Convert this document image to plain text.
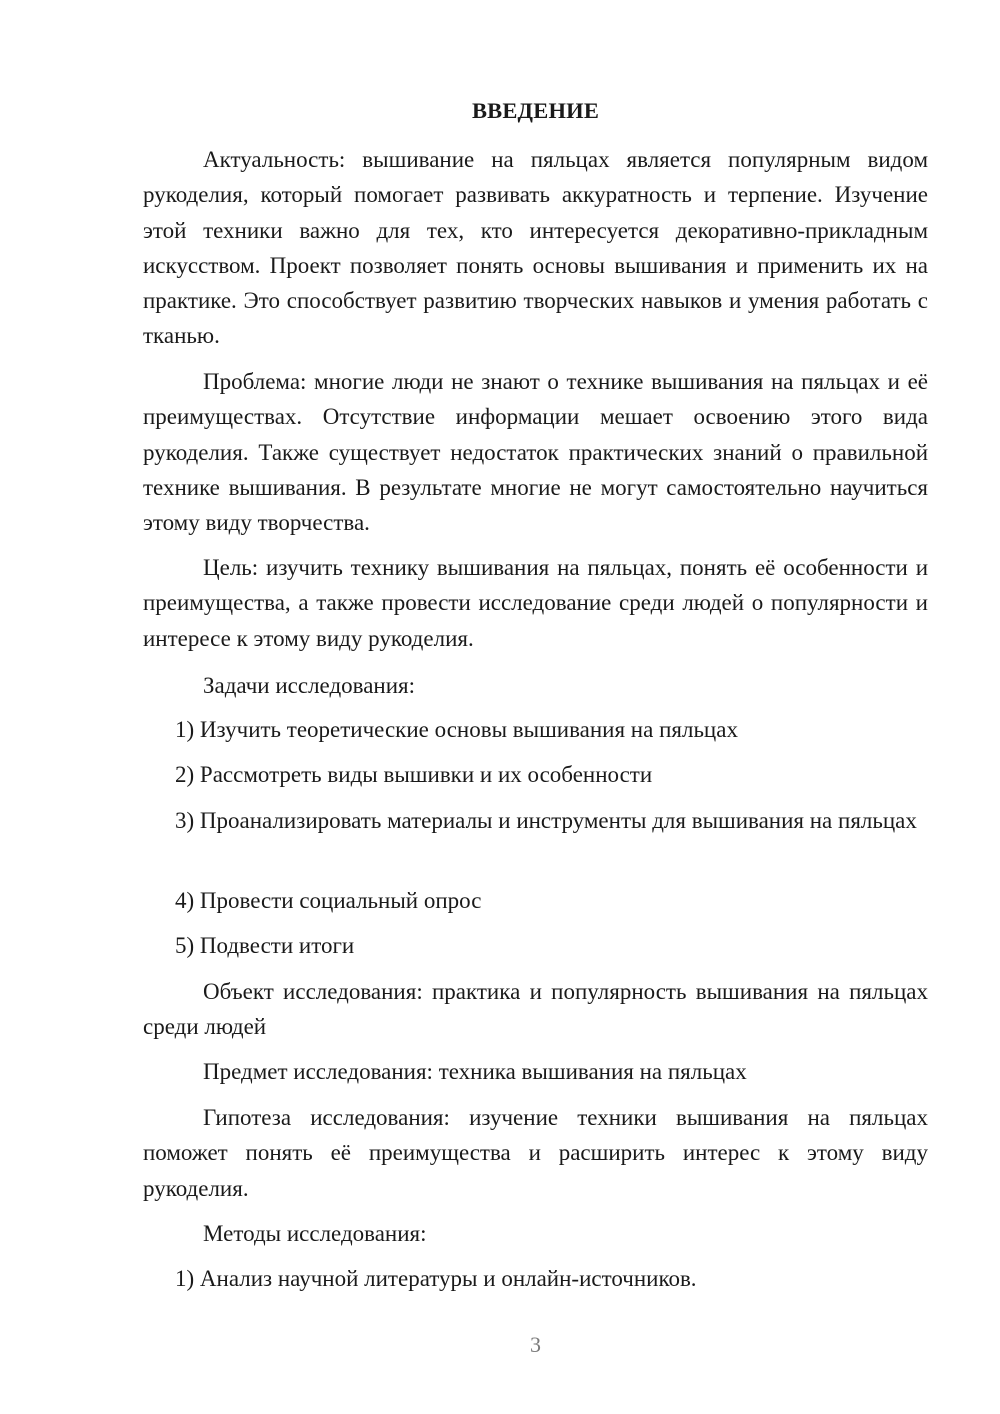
ВВЕДЕНИЕ

Актуальность: вышивание на пяльцах является популярным видом рукоделия, который помогает развивать аккуратность и терпение. Изучение этой техники важно для тех, кто интересуется декоративно-прикладным искусством. Проект позволяет понять основы вышивания и применить их на практике. Это способствует развитию творческих навыков и умения работать с тканью.

Проблема: многие люди не знают о технике вышивания на пяльцах и её преимуществах. Отсутствие информации мешает освоению этого вида рукоделия. Также существует недостаток практических знаний о правильной технике вышивания. В результате многие не могут самостоятельно научиться этому виду творчества.

Цель: изучить технику вышивания на пяльцах, понять её особенности и преимущества, а также провести исследование среди людей о популярности и интересе к этому виду рукоделия.

Задачи исследования:

1) Изучить теоретические основы вышивания на пяльцах

2) Рассмотреть виды вышивки и их особенности

3) Проанализировать материалы и инструменты для вышивания на пяльцах

4) Провести социальный опрос

5) Подвести итоги

Объект исследования: практика и популярность вышивания на пяльцах среди людей

Предмет исследования: техника вышивания на пяльцах

Гипотеза исследования: изучение техники вышивания на пяльцах поможет понять её преимущества и расширить интерес к этому виду рукоделия.

Методы исследования:

1) Анализ научной литературы и онлайн-источников.

3
